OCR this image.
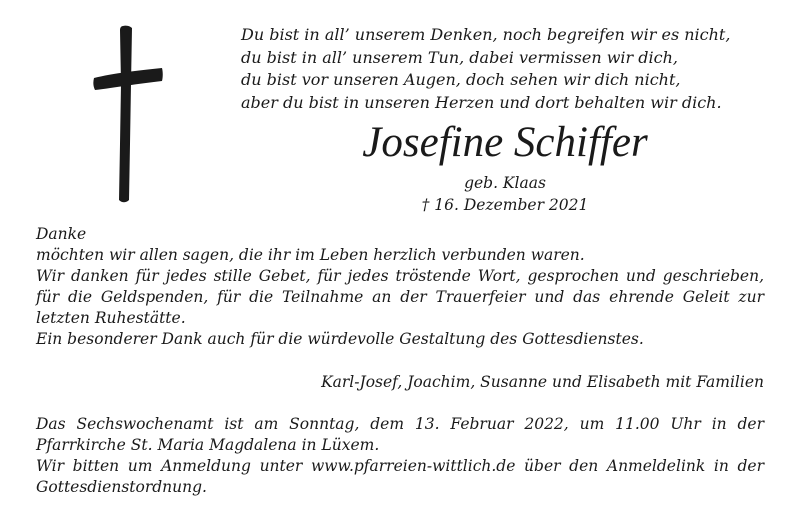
Du bist in all’ unserem Denken, noch begreifen wir es nicht,
du bist in all’ unserem Tun, dabei vermissen wir dich,
du bist vor unseren Augen, doch sehen wir dich nicht,
aber du bist in unseren Herzen und dort behalten wir dich.
Josefine Schiffer
geb. Klaas
† 16. Dezember 2021
Danke
möchten wir allen sagen, die ihr im Leben herzlich verbunden waren.
Wir danken für jedes stille Gebet, für jedes tröstende Wort, gesprochen und geschrieben,
für die Geldspenden, für die Teilnahme an der Trauerfeier und das ehrende Geleit zur
letzten Ruhestätte.
Ein besonderer Dank auch für die würdevolle Gestaltung des Gottesdienstes.
Karl-Josef, Joachim, Susanne und Elisabeth mit Familien
Das Sechswochenamt ist am Sonntag, dem 13. Februar 2022, um 11.00 Uhr in der
Pfarrkirche St. Maria Magdalena in Lüxem.
Wir bitten um Anmeldung unter www.pfarreien-wittlich.de über den Anmeldelink in der
Gottesdienstordnung.
